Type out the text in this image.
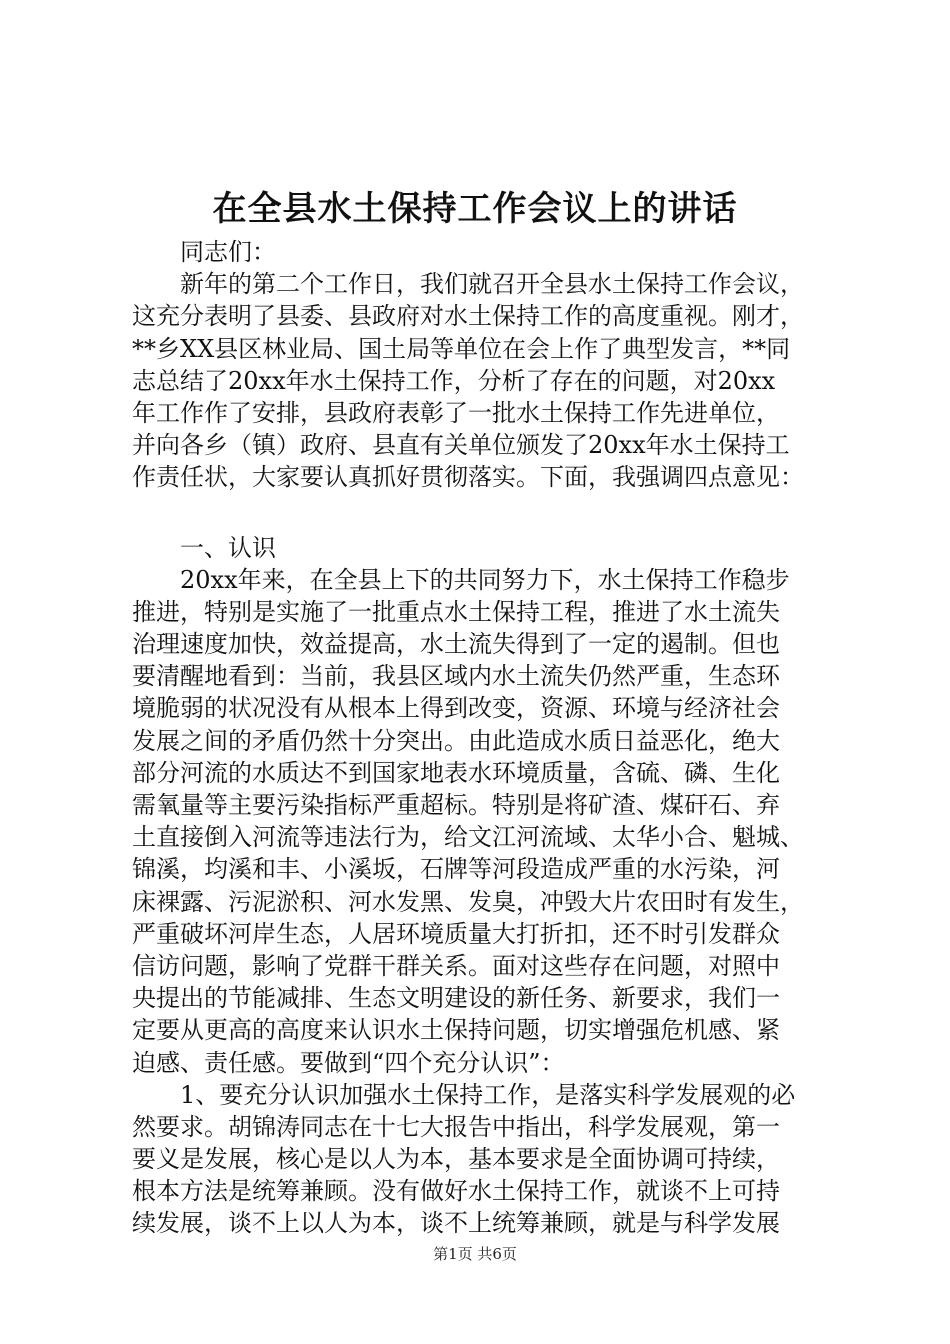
在全县水土保持工作会议上的讲话
同志们：
新年的第二个工作日，我们就召开全县水土保持工作会议，
这充分表明了县委、县政府对水土保持工作的高度重视。刚才，
**乡XX县区林业局、国土局等单位在会上作了典型发言，**同
志总结了20xx年水土保持工作，分析了存在的问题，对20xx
年工作作了安排，县政府表彰了一批水土保持工作先进单位，
并向各乡（镇）政府、县直有关单位颁发了20xx年水土保持工
作责任状，大家要认真抓好贯彻落实。下面，我强调四点意见：
一、认识
20xx年来，在全县上下的共同努力下，水土保持工作稳步
推进，特别是实施了一批重点水土保持工程，推进了水土流失
治理速度加快，效益提高，水土流失得到了一定的遏制。但也
要清醒地看到：当前，我县区域内水土流失仍然严重，生态环
境脆弱的状况没有从根本上得到改变，资源、环境与经济社会
发展之间的矛盾仍然十分突出。由此造成水质日益恶化，绝大
部分河流的水质达不到国家地表水环境质量，含硫、磷、生化
需氧量等主要污染指标严重超标。特别是将矿渣、煤矸石、弃
土直接倒入河流等违法行为，给文江河流域、太华小合、魁城、
锦溪，均溪和丰、小溪坂，石牌等河段造成严重的水污染，河
床裸露、污泥淤积、河水发黑、发臭，冲毁大片农田时有发生，
严重破坏河岸生态，人居环境质量大打折扣，还不时引发群众
信访问题，影响了党群干群关系。面对这些存在问题，对照中
央提出的节能减排、生态文明建设的新任务、新要求，我们一
定要从更高的高度来认识水土保持问题，切实增强危机感、紧
迫感、责任感。要做到“四个充分认识”：
1、要充分认识加强水土保持工作，是落实科学发展观的必
然要求。胡锦涛同志在十七大报告中指出，科学发展观，第一
要义是发展，核心是以人为本，基本要求是全面协调可持续，
根本方法是统筹兼顾。没有做好水土保持工作，就谈不上可持
续发展，谈不上以人为本，谈不上统筹兼顾，就是与科学发展
第1页 共6页
